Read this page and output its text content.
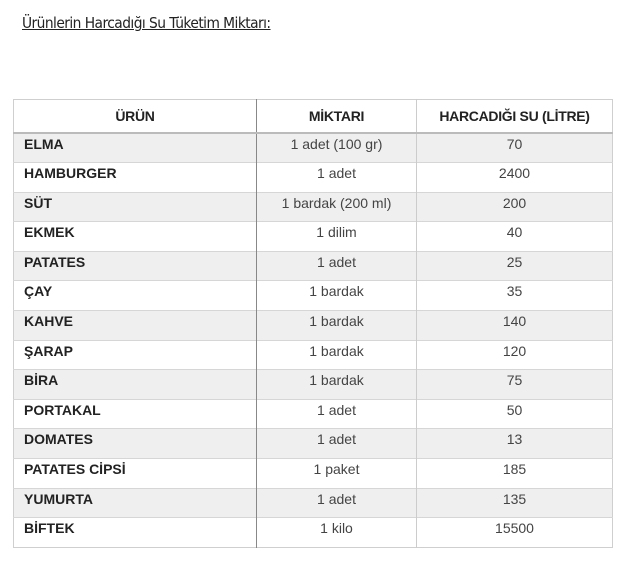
Ürünlerin Harcadığı Su Tüketim Miktarı:
ÜRÜN	MİKTARI	HARCADIĞI SU (LİTRE)
ELMA	1 adet (100 gr)	70
HAMBURGER	1 adet	2400
SÜT	1 bardak (200 ml)	200
EKMEK	1 dilim	40
PATATES	1 adet	25
ÇAY	1 bardak	35
KAHVE	1 bardak	140
ŞARAP	1 bardak	120
BİRA	1 bardak	75
PORTAKAL	1 adet	50
DOMATES	1 adet	13
PATATES CİPSİ	1 paket	185
YUMURTA	1 adet	135
BİFTEK	1 kilo	15500
